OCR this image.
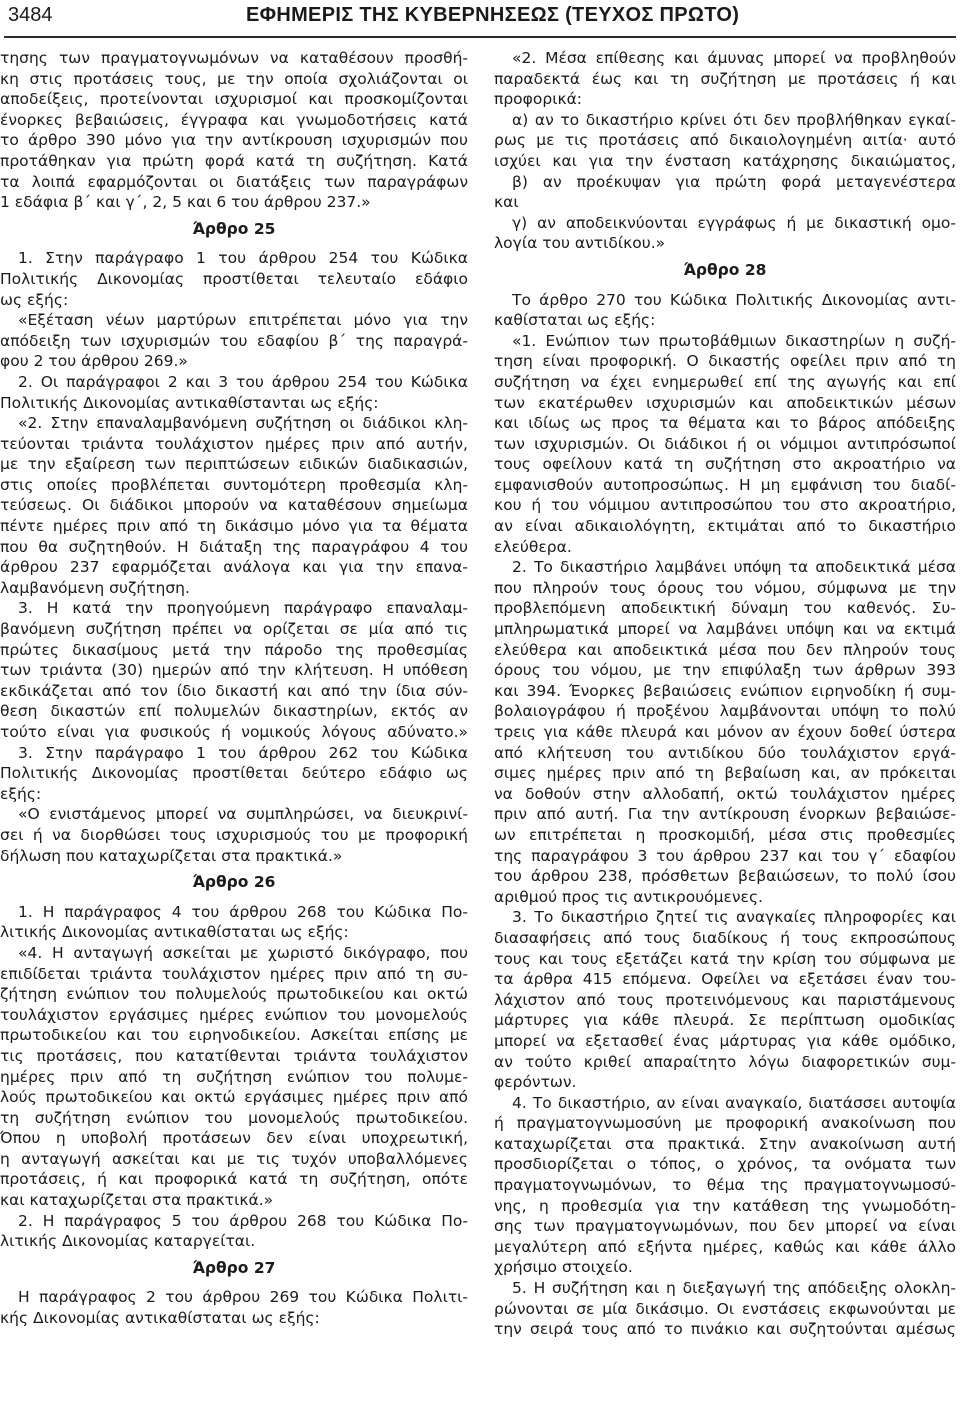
3484	ΕΦΗΜΕΡΙΣ ΤΗΣ ΚΥΒΕΡΝΗΣΕΩΣ (ΤΕΥΧΟΣ ΠΡΩΤΟ)
τησης των πραγματογνωμόνων να καταθέσουν προσθή-
κη στις προτάσεις τους, με την οποία σχολιάζονται οι
αποδείξεις, προτείνονται ισχυρισμοί και προσκομίζονται
ένορκες βεβαιώσεις, έγγραφα και γνωμοδοτήσεις κατά
το άρθρο 390 μόνο για την αντίκρουση ισχυρισμών που
προτάθηκαν για πρώτη φορά κατά τη συζήτηση. Κατά
τα λοιπά εφαρμόζονται οι διατάξεις των παραγράφων
1 εδάφια β΄ και γ΄, 2, 5 και 6 του άρθρου 237.»
Άρθρο 25
1. Στην παράγραφο 1 του άρθρου 254 του Κώδικα
Πολιτικής Δικονομίας προστίθεται τελευταίο εδάφιο
ως εξής:
«Εξέταση νέων μαρτύρων επιτρέπεται μόνο για την
απόδειξη των ισχυρισμών του εδαφίου β΄ της παραγρά-
φου 2 του άρθρου 269.»
2. Οι παράγραφοι 2 και 3 του άρθρου 254 του Κώδικα
Πολιτικής Δικονομίας αντικαθίστανται ως εξής:
«2. Στην επαναλαμβανόμενη συζήτηση οι διάδικοι κλη-
τεύονται τριάντα τουλάχιστον ημέρες πριν από αυτήν,
με την εξαίρεση των περιπτώσεων ειδικών διαδικασιών,
στις οποίες προβλέπεται συντομότερη προθεσμία κλη-
τεύσεως. Οι διάδικοι μπορούν να καταθέσουν σημείωμα
πέντε ημέρες πριν από τη δικάσιμο μόνο για τα θέματα
που θα συζητηθούν. Η διάταξη της παραγράφου 4 του
άρθρου 237 εφαρμόζεται ανάλογα και για την επανα-
λαμβανόμενη συζήτηση.
3. Η κατά την προηγούμενη παράγραφο επαναλαμ-
βανόμενη συζήτηση πρέπει να ορίζεται σε μία από τις
πρώτες δικασίμους μετά την πάροδο της προθεσμίας
των τριάντα (30) ημερών από την κλήτευση. Η υπόθεση
εκδικάζεται από τον ίδιο δικαστή και από την ίδια σύν-
θεση δικαστών επί πολυμελών δικαστηρίων, εκτός αν
τούτο είναι για φυσικούς ή νομικούς λόγους αδύνατο.»
3. Στην παράγραφο 1 του άρθρου 262 του Κώδικα
Πολιτικής Δικονομίας προστίθεται δεύτερο εδάφιο ως
εξής:
«Ο ενιστάμενος μπορεί να συμπληρώσει, να διευκρινί-
σει ή να διορθώσει τους ισχυρισμούς του με προφορική
δήλωση που καταχωρίζεται στα πρακτικά.»
Άρθρο 26
1. Η παράγραφος 4 του άρθρου 268 του Κώδικα Πο-
λιτικής Δικονομίας αντικαθίσταται ως εξής:
«4. Η ανταγωγή ασκείται με χωριστό δικόγραφο, που
επιδίδεται τριάντα τουλάχιστον ημέρες πριν από τη συ-
ζήτηση ενώπιον του πολυμελούς πρωτοδικείου και οκτώ
τουλάχιστον εργάσιμες ημέρες ενώπιον του μονομελούς
πρωτοδικείου και του ειρηνοδικείου. Ασκείται επίσης με
τις προτάσεις, που κατατίθενται τριάντα τουλάχιστον
ημέρες πριν από τη συζήτηση ενώπιον του πολυμε-
λούς πρωτοδικείου και οκτώ εργάσιμες ημέρες πριν από
τη συζήτηση ενώπιον του μονομελούς πρωτοδικείου.
Όπου η υποβολή προτάσεων δεν είναι υποχρεωτική,
η ανταγωγή ασκείται και με τις τυχόν υποβαλλόμενες
προτάσεις, ή και προφορικά κατά τη συζήτηση, οπότε
και καταχωρίζεται στα πρακτικά.»
2. Η παράγραφος 5 του άρθρου 268 του Κώδικα Πο-
λιτικής Δικονομίας καταργείται.
Άρθρο 27
Η παράγραφος 2 του άρθρου 269 του Κώδικα Πολιτι-
κής Δικονομίας αντικαθίσταται ως εξής:
«2. Μέσα επίθεσης και άμυνας μπορεί να προβληθούν
παραδεκτά έως και τη συζήτηση με προτάσεις ή και
προφορικά:
α) αν το δικαστήριο κρίνει ότι δεν προβλήθηκαν εγκαί-
ρως με τις προτάσεις από δικαιολογημένη αιτία· αυτό
ισχύει και για την ένσταση κατάχρησης δικαιώματος,
β) αν προέκυψαν για πρώτη φορά μεταγενέστερα
και
γ) αν αποδεικνύονται εγγράφως ή με δικαστική ομο-
λογία του αντιδίκου.»
Άρθρο 28
Το άρθρο 270 του Κώδικα Πολιτικής Δικονομίας αντι-
καθίσταται ως εξής:
«1. Ενώπιον των πρωτοβάθμιων δικαστηρίων η συζή-
τηση είναι προφορική. Ο δικαστής οφείλει πριν από τη
συζήτηση να έχει ενημερωθεί επί της αγωγής και επί
των εκατέρωθεν ισχυρισμών και αποδεικτικών μέσων
και ιδίως ως προς τα θέματα και το βάρος απόδειξης
των ισχυρισμών. Οι διάδικοι ή οι νόμιμοι αντιπρόσωποί
τους οφείλουν κατά τη συζήτηση στο ακροατήριο να
εμφανισθούν αυτοπροσώπως. Η μη εμφάνιση του διαδί-
κου ή του νόμιμου αντιπροσώπου του στο ακροατήριο,
αν είναι αδικαιολόγητη, εκτιμάται από το δικαστήριο
ελεύθερα.
2. Το δικαστήριο λαμβάνει υπόψη τα αποδεικτικά μέσα
που πληρούν τους όρους του νόμου, σύμφωνα με την
προβλεπόμενη αποδεικτική δύναμη του καθενός. Συ-
μπληρωματικά μπορεί να λαμβάνει υπόψη και να εκτιμά
ελεύθερα και αποδεικτικά μέσα που δεν πληρούν τους
όρους του νόμου, με την επιφύλαξη των άρθρων 393
και 394. Ένορκες βεβαιώσεις ενώπιον ειρηνοδίκη ή συμ-
βολαιογράφου ή προξένου λαμβάνονται υπόψη το πολύ
τρεις για κάθε πλευρά και μόνον αν έχουν δοθεί ύστερα
από κλήτευση του αντιδίκου δύο τουλάχιστον εργά-
σιμες ημέρες πριν από τη βεβαίωση και, αν πρόκειται
να δοθούν στην αλλοδαπή, οκτώ τουλάχιστον ημέρες
πριν από αυτή. Για την αντίκρουση ένορκων βεβαιώσε-
ων επιτρέπεται η προσκομιδή, μέσα στις προθεσμίες
της παραγράφου 3 του άρθρου 237 και του γ΄ εδαφίου
του άρθρου 238, πρόσθετων βεβαιώσεων, το πολύ ίσου
αριθμού προς τις αντικρουόμενες.
3. Το δικαστήριο ζητεί τις αναγκαίες πληροφορίες και
διασαφήσεις από τους διαδίκους ή τους εκπροσώπους
τους και τους εξετάζει κατά την κρίση του σύμφωνα με
τα άρθρα 415 επόμενα. Οφείλει να εξετάσει έναν του-
λάχιστον από τους προτεινόμενους και παριστάμενους
μάρτυρες για κάθε πλευρά. Σε περίπτωση ομοδικίας
μπορεί να εξετασθεί ένας μάρτυρας για κάθε ομόδικο,
αν τούτο κριθεί απαραίτητο λόγω διαφορετικών συμ-
φερόντων.
4. Το δικαστήριο, αν είναι αναγκαίο, διατάσσει αυτοψία
ή πραγματογνωμοσύνη με προφορική ανακοίνωση που
καταχωρίζεται στα πρακτικά. Στην ανακοίνωση αυτή
προσδιορίζεται ο τόπος, ο χρόνος, τα ονόματα των
πραγματογνωμόνων, το θέμα της πραγματογνωμοσύ-
νης, η προθεσμία για την κατάθεση της γνωμοδότη-
σης των πραγματογνωμόνων, που δεν μπορεί να είναι
μεγαλύτερη από εξήντα ημέρες, καθώς και κάθε άλλο
χρήσιμο στοιχείο.
5. Η συζήτηση και η διεξαγωγή της απόδειξης ολοκλη-
ρώνονται σε μία δικάσιμο. Οι ενστάσεις εκφωνούνται με
την σειρά τους από το πινάκιο και συζητούνται αμέσως
